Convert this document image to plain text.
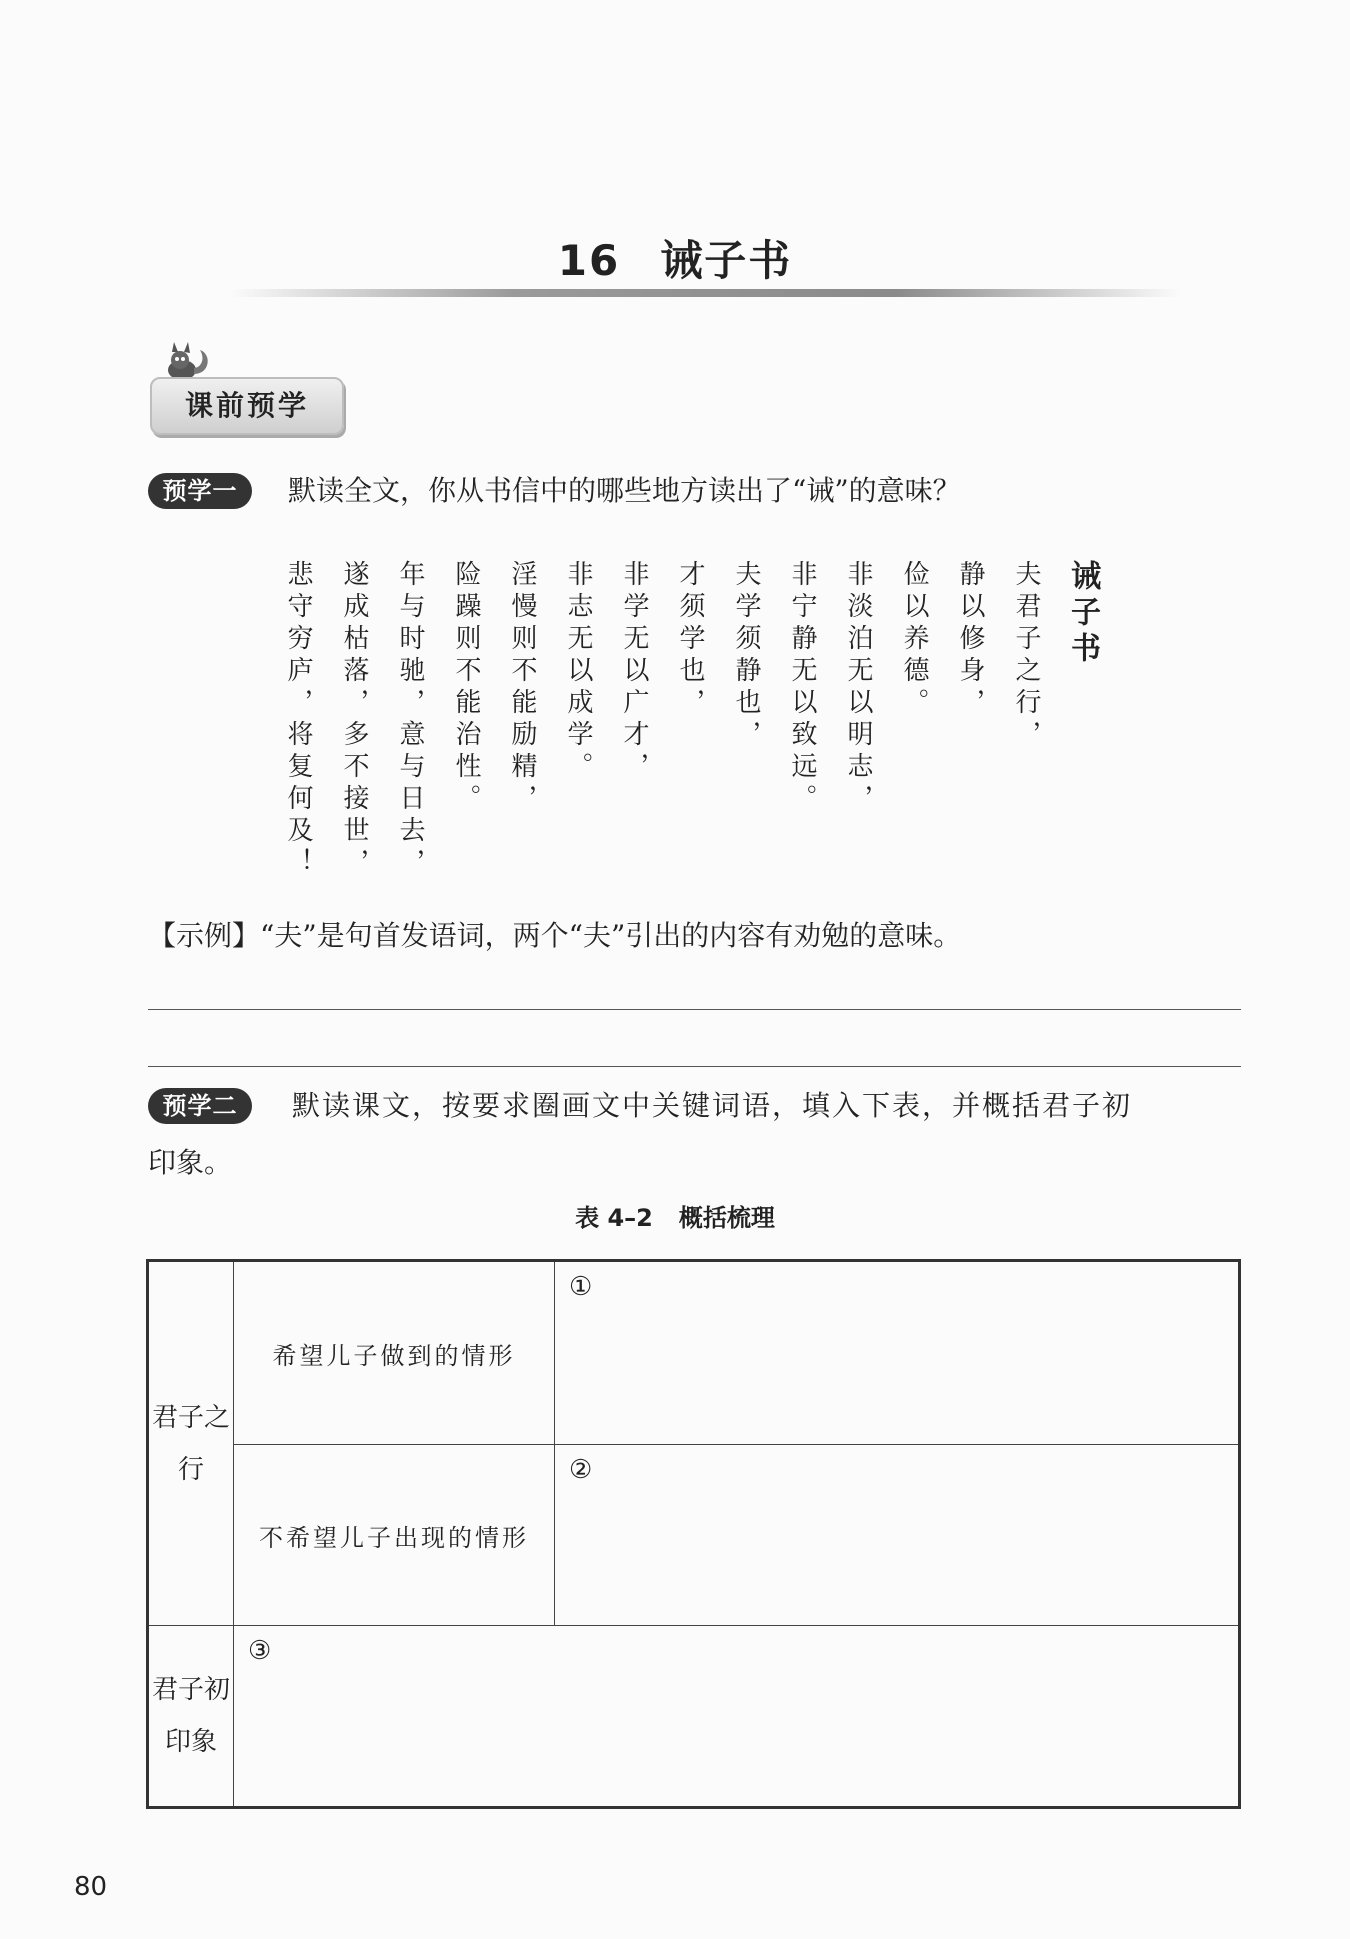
16 诫子书
课前预学
预学一	默读全文，你从书信中的哪些地方读出了“诫”的意味？
诫子书
夫君子之行，
静以修身，
俭以养德。
非淡泊无以明志，
非宁静无以致远。
夫学须静也，
才须学也，
非学无以广才，
非志无以成学。
淫慢则不能励精，
险躁则不能治性。
年与时驰，意与日去，
遂成枯落，多不接世，
悲守穷庐，将复何及！
【示例】“夫”是句首发语词，两个“夫”引出的内容有劝勉的意味。
预学二	默读课文，按要求圈画文中关键词语，填入下表，并概括君子初
印象。
表 4–2 概括梳理
君子之行	希望儿子做到的情形	①
	不希望儿子出现的情形	②
君子初印象	③	
80
